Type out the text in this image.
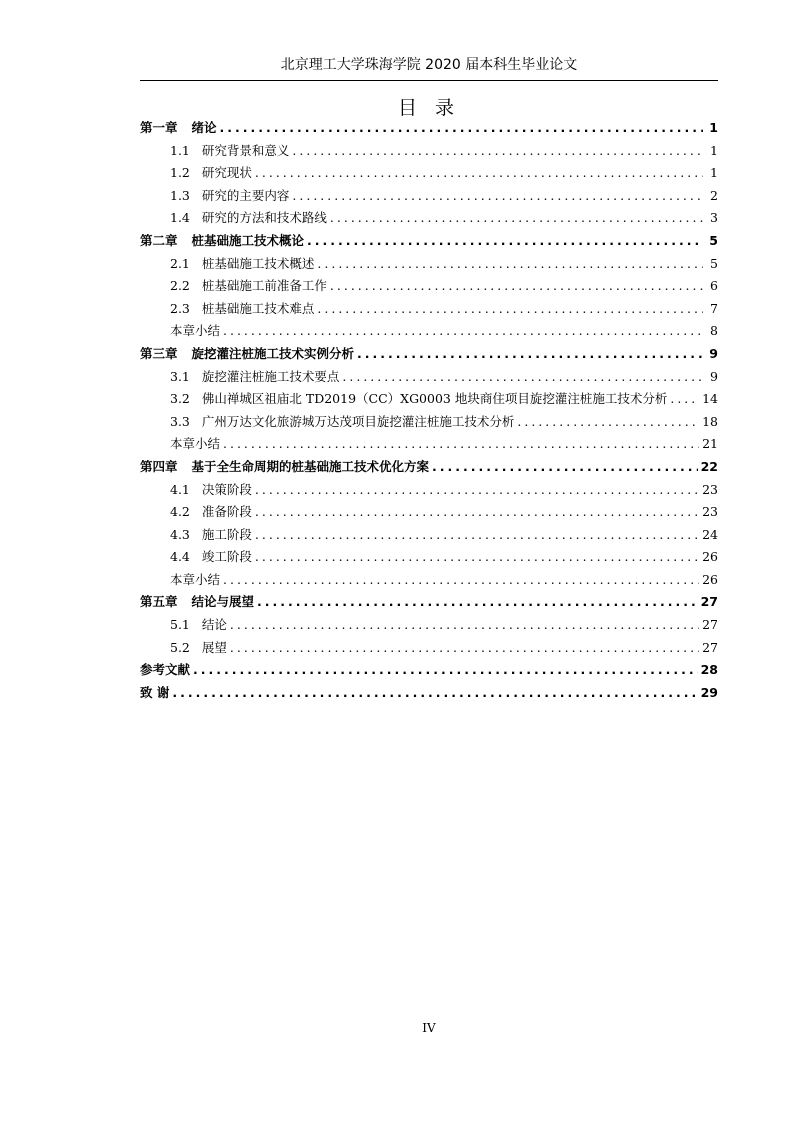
北京理工大学珠海学院 2020 届本科生毕业论文
目 录
第一章 绪论 .....	1
1.1 研究背景和意义 .....	1
1.2 研究现状 .....	1
1.3 研究的主要内容 .....	2
1.4 研究的方法和技术路线 .....	3
第二章 桩基础施工技术概论 .....	5
2.1 桩基础施工技术概述 .....	5
2.2 桩基础施工前准备工作 .....	6
2.3 桩基础施工技术难点 .....	7
本章小结 .....	8
第三章 旋挖灌注桩施工技术实例分析 .....	9
3.1 旋挖灌注桩施工技术要点 .....	9
3.2 佛山禅城区祖庙北 TD2019（CC）XG0003 地块商住项目旋挖灌注桩施工技术分析 .....	14
3.3 广州万达文化旅游城万达茂项目旋挖灌注桩施工技术分析 .....	18
本章小结 .....	21
第四章 基于全生命周期的桩基础施工技术优化方案 .....	22
4.1 决策阶段 .....	23
4.2 准备阶段 .....	23
4.3 施工阶段 .....	24
4.4 竣工阶段 .....	26
本章小结 .....	26
第五章 结论与展望 .....	27
5.1 结论 .....	27
5.2 展望 .....	27
参考文献 .....	28
致 谢 .....	29
IV
